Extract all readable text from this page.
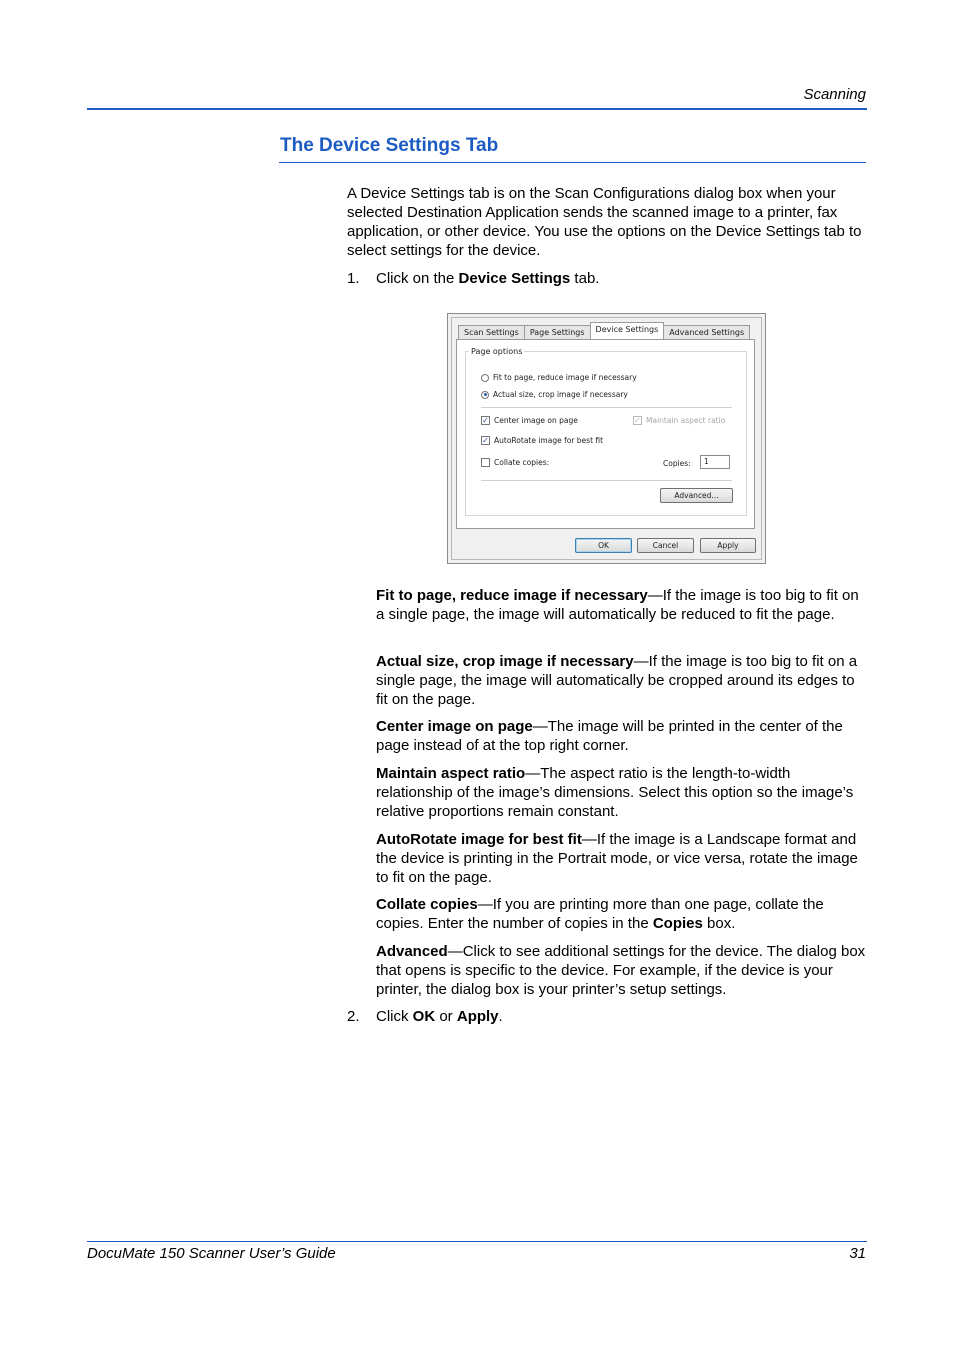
Scanning
The Device Settings Tab
A Device Settings tab is on the Scan Configurations dialog box when your selected Destination Application sends the scanned image to a printer, fax application, or other device. You use the options on the Device Settings tab to select settings for the device.
1. Click on the Device Settings tab.
Scan Settings	Page Settings	Device Settings	Advanced Settings
Page options
Fit to page, reduce image if necessary
Actual size, crop image if necessary
✓ Center image on page	✓ Maintain aspect ratio
✓ AutoRotate image for best fit
Collate copies:	Copies:	1
Advanced...
OK	Cancel	Apply
Fit to page, reduce image if necessary—If the image is too big to fit on a single page, the image will automatically be reduced to fit the page.
Actual size, crop image if necessary—If the image is too big to fit on a single page, the image will automatically be cropped around its edges to fit on the page.
Center image on page—The image will be printed in the center of the page instead of at the top right corner.
Maintain aspect ratio—The aspect ratio is the length-to-width relationship of the image’s dimensions. Select this option so the image’s relative proportions remain constant.
AutoRotate image for best fit—If the image is a Landscape format and the device is printing in the Portrait mode, or vice versa, rotate the image to fit on the page.
Collate copies—If you are printing more than one page, collate the copies. Enter the number of copies in the Copies box.
Advanced—Click to see additional settings for the device. The dialog box that opens is specific to the device. For example, if the device is your printer, the dialog box is your printer’s setup settings.
2. Click OK or Apply.
DocuMate 150 Scanner User’s Guide	31
